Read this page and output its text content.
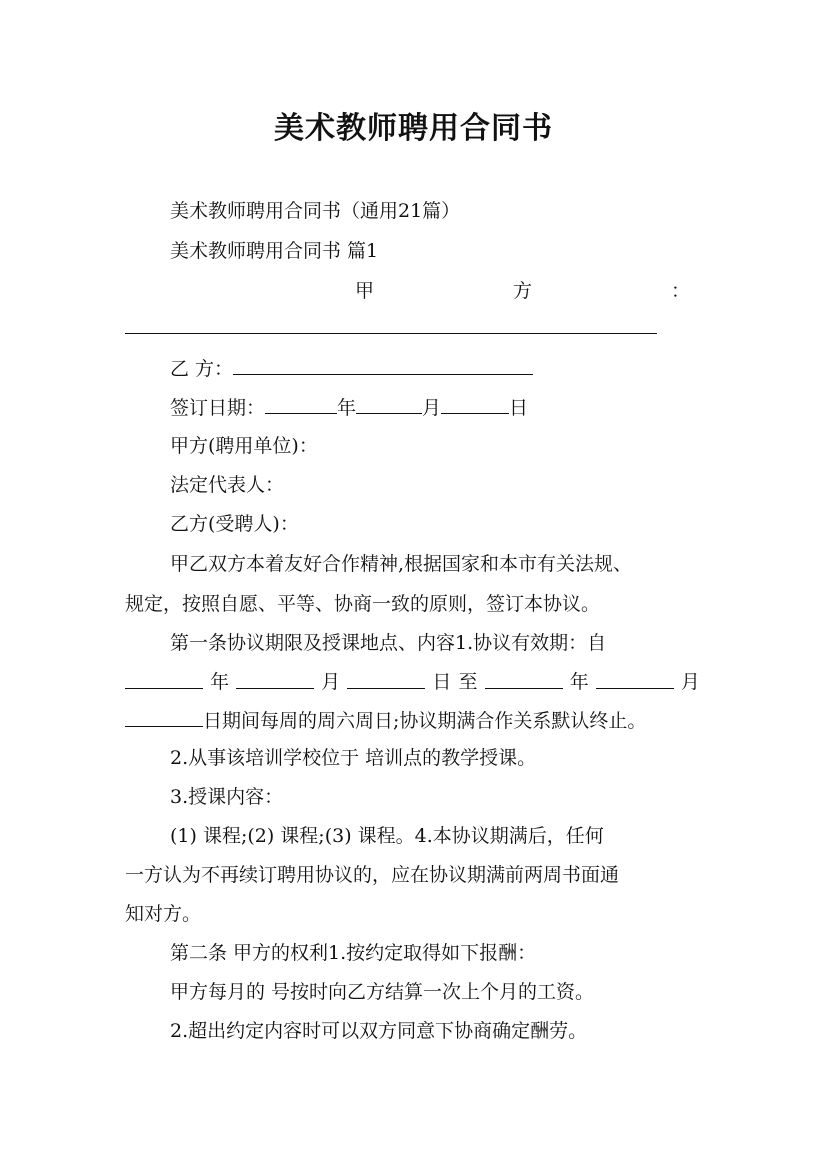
美术教师聘用合同书
美术教师聘用合同书（通用21篇）
美术教师聘用合同书 篇1
甲	方	：
乙 方：
签订日期：	年	月	日
甲方(聘用单位)：
法定代表人：
乙方(受聘人)：
甲乙双方本着友好合作精神,根据国家和本市有关法规、
规定，按照自愿、平等、协商一致的原则，签订本协议。
第一条协议期限及授课地点、内容1.协议有效期：自
年	月	日 至	年	月
日期间每周的周六周日;协议期满合作关系默认终止。
2.从事该培训学校位于 培训点的教学授课。
3.授课内容：
(1) 课程;(2) 课程;(3) 课程。4.本协议期满后，任何
一方认为不再续订聘用协议的，应在协议期满前两周书面通
知对方。
第二条 甲方的权利1.按约定取得如下报酬：
甲方每月的 号按时向乙方结算一次上个月的工资。
2.超出约定内容时可以双方同意下协商确定酬劳。
